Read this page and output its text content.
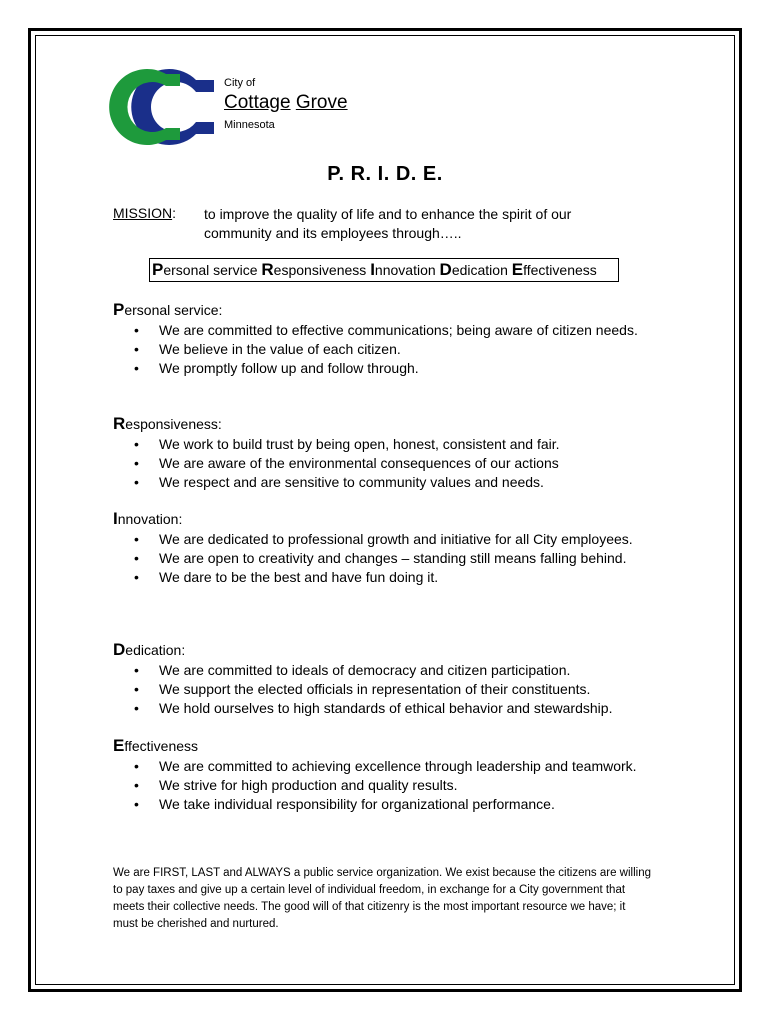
City of
Cottage Grove
Minnesota
P. R. I. D. E.
MISSION: to improve the quality of life and to enhance the spirit of our community and its employees through…..
Personal service Responsiveness Innovation Dedication Effectiveness
Personal service:
• We are committed to effective communications; being aware of citizen needs.
• We believe in the value of each citizen.
• We promptly follow up and follow through.
Responsiveness:
• We work to build trust by being open, honest, consistent and fair.
• We are aware of the environmental consequences of our actions
• We respect and are sensitive to community values and needs.
Innovation:
• We are dedicated to professional growth and initiative for all City employees.
• We are open to creativity and changes – standing still means falling behind.
• We dare to be the best and have fun doing it.
Dedication:
• We are committed to ideals of democracy and citizen participation.
• We support the elected officials in representation of their constituents.
• We hold ourselves to high standards of ethical behavior and stewardship.
Effectiveness
• We are committed to achieving excellence through leadership and teamwork.
• We strive for high production and quality results.
• We take individual responsibility for organizational performance.
We are FIRST, LAST and ALWAYS a public service organization. We exist because the citizens are willing to pay taxes and give up a certain level of individual freedom, in exchange for a City government that meets their collective needs. The good will of that citizenry is the most important resource we have; it must be cherished and nurtured.
